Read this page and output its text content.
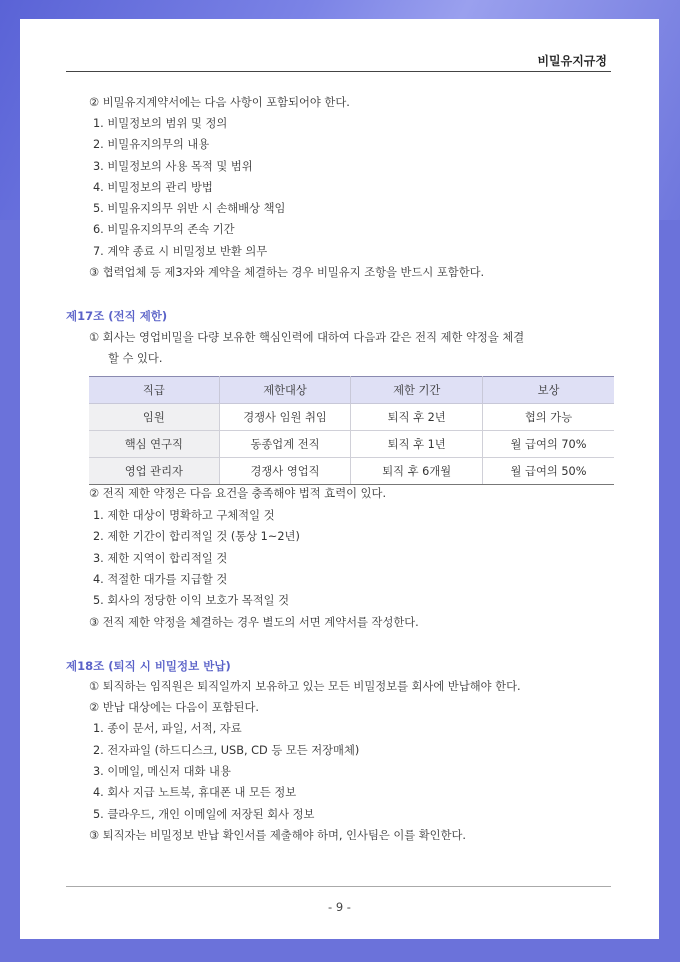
비밀유지규정
② 비밀유지계약서에는 다음 사항이 포함되어야 한다.
1. 비밀정보의 범위 및 정의
2. 비밀유지의무의 내용
3. 비밀정보의 사용 목적 및 범위
4. 비밀정보의 관리 방법
5. 비밀유지의무 위반 시 손해배상 책임
6. 비밀유지의무의 존속 기간
7. 계약 종료 시 비밀정보 반환 의무
③ 협력업체 등 제3자와 계약을 체결하는 경우 비밀유지 조항을 반드시 포함한다.
제17조 (전직 제한)
① 회사는 영업비밀을 다량 보유한 핵심인력에 대하여 다음과 같은 전직 제한 약정을 체결
할 수 있다.
직급	제한대상	제한 기간	보상
임원	경쟁사 임원 취임	퇴직 후 2년	협의 가능
핵심 연구직	동종업계 전직	퇴직 후 1년	월 급여의 70%
영업 관리자	경쟁사 영업직	퇴직 후 6개월	월 급여의 50%
② 전직 제한 약정은 다음 요건을 충족해야 법적 효력이 있다.
1. 제한 대상이 명확하고 구체적일 것
2. 제한 기간이 합리적일 것 (통상 1~2년)
3. 제한 지역이 합리적일 것
4. 적절한 대가를 지급할 것
5. 회사의 정당한 이익 보호가 목적일 것
③ 전직 제한 약정을 체결하는 경우 별도의 서면 계약서를 작성한다.
제18조 (퇴직 시 비밀정보 반납)
① 퇴직하는 임직원은 퇴직일까지 보유하고 있는 모든 비밀정보를 회사에 반납해야 한다.
② 반납 대상에는 다음이 포함된다.
1. 종이 문서, 파일, 서적, 자료
2. 전자파일 (하드디스크, USB, CD 등 모든 저장매체)
3. 이메일, 메신저 대화 내용
4. 회사 지급 노트북, 휴대폰 내 모든 정보
5. 클라우드, 개인 이메일에 저장된 회사 정보
③ 퇴직자는 비밀정보 반납 확인서를 제출해야 하며, 인사팀은 이를 확인한다.
- 9 -
